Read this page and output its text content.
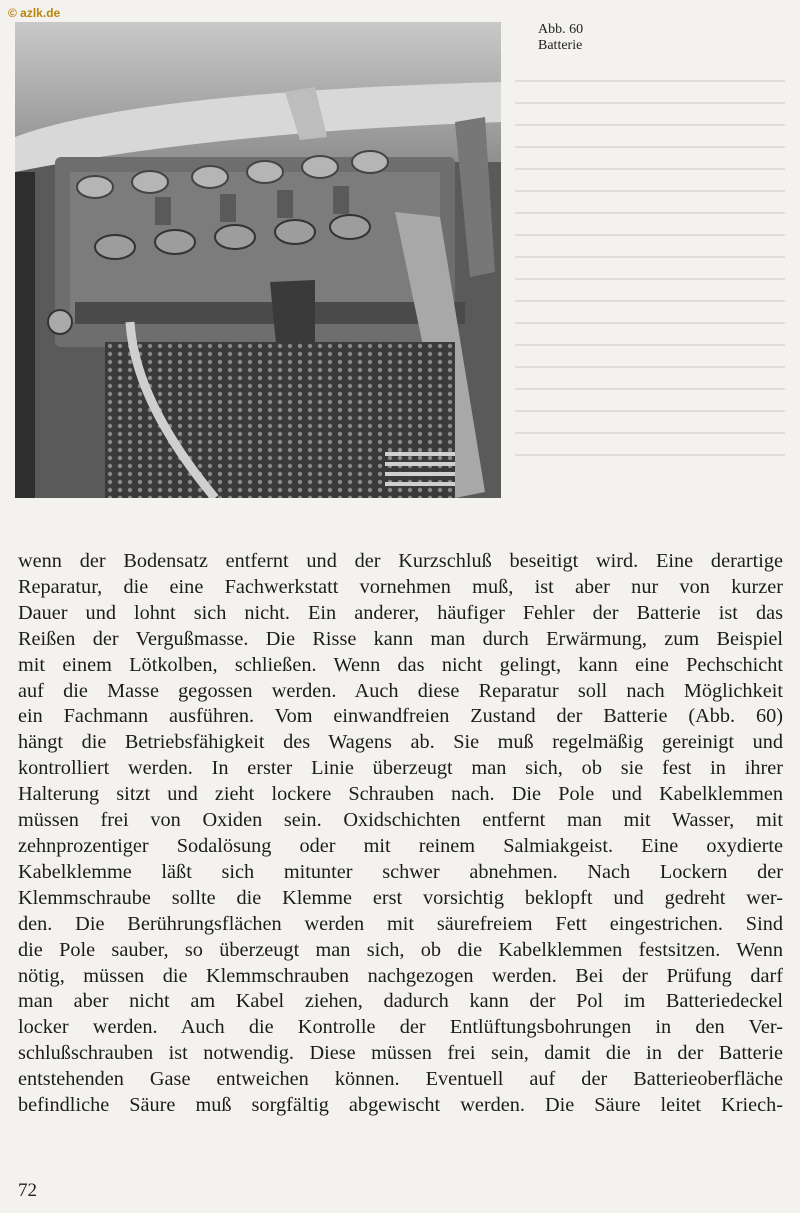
© azlk.de
Abb. 60
Batterie
wenn der Bodensatz entfernt und der Kurzschluß beseitigt wird. Eine derartige
Reparatur, die eine Fachwerkstatt vornehmen muß, ist aber nur von kurzer
Dauer und lohnt sich nicht. Ein anderer, häufiger Fehler der Batterie ist das
Reißen der Vergußmasse. Die Risse kann man durch Erwärmung, zum Beispiel
mit einem Lötkolben, schließen. Wenn das nicht gelingt, kann eine Pechschicht
auf die Masse gegossen werden. Auch diese Reparatur soll nach Möglichkeit
ein Fachmann ausführen. Vom einwandfreien Zustand der Batterie (Abb. 60)
hängt die Betriebsfähigkeit des Wagens ab. Sie muß regelmäßig gereinigt und
kontrolliert werden. In erster Linie überzeugt man sich, ob sie fest in ihrer
Halterung sitzt und zieht lockere Schrauben nach. Die Pole und Kabelklemmen
müssen frei von Oxiden sein. Oxidschichten entfernt man mit Wasser, mit
zehnprozentiger Sodalösung oder mit reinem Salmiakgeist. Eine oxydierte
Kabelklemme läßt sich mitunter schwer abnehmen. Nach Lockern der
Klemmschraube sollte die Klemme erst vorsichtig beklopft und gedreht wer-
den. Die Berührungsflächen werden mit säurefreiem Fett eingestrichen. Sind
die Pole sauber, so überzeugt man sich, ob die Kabelklemmen festsitzen. Wenn
nötig, müssen die Klemmschrauben nachgezogen werden. Bei der Prüfung darf
man aber nicht am Kabel ziehen, dadurch kann der Pol im Batteriedeckel
locker werden. Auch die Kontrolle der Entlüftungsbohrungen in den Ver-
schlußschrauben ist notwendig. Diese müssen frei sein, damit die in der Batterie
entstehenden Gase entweichen können. Eventuell auf der Batterieoberfläche
befindliche Säure muß sorgfältig abgewischt werden. Die Säure leitet Kriech-
72
